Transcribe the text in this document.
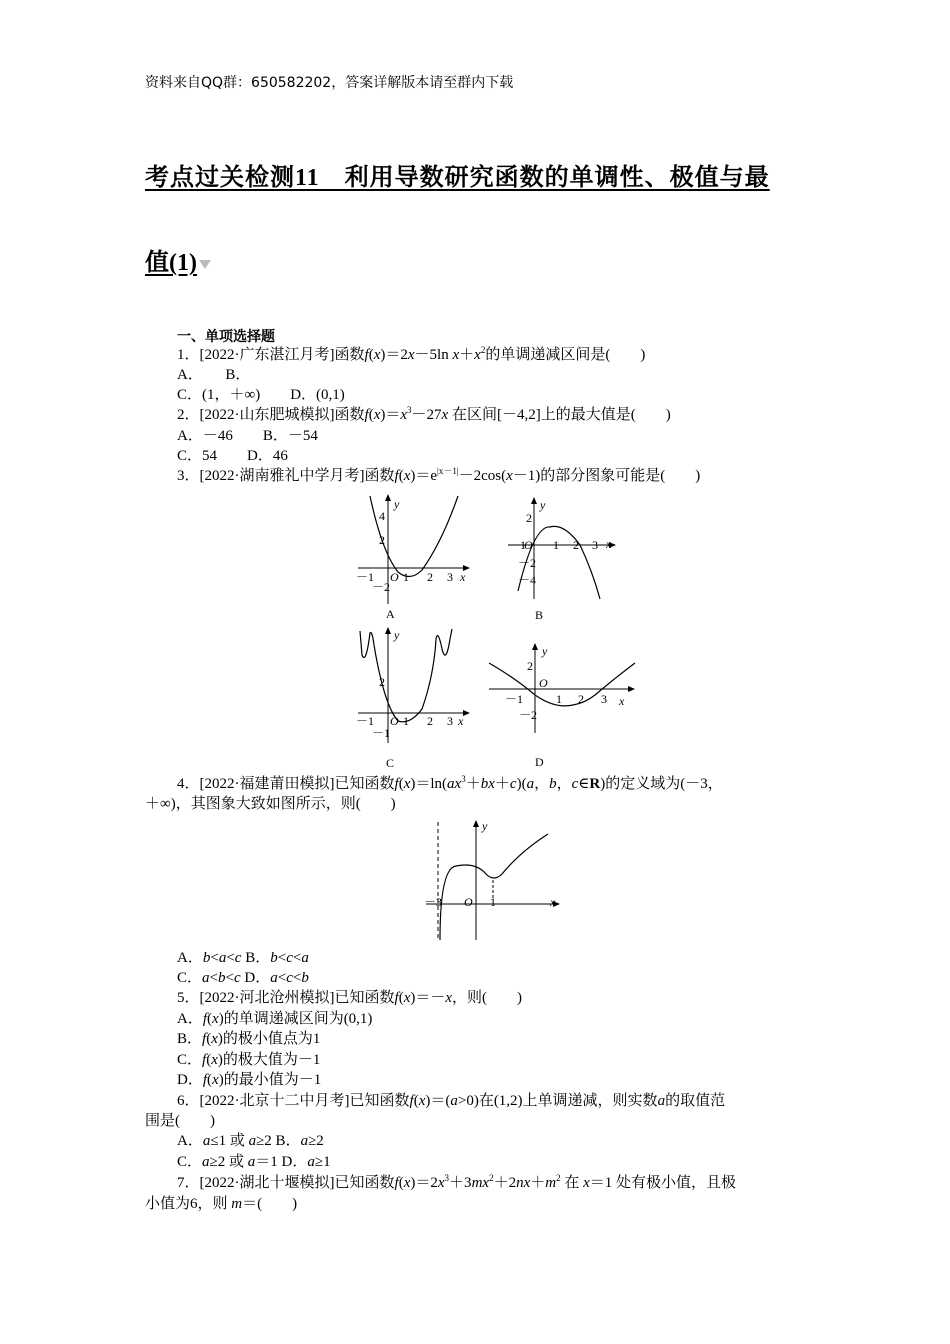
资料来自QQ群：650582202，答案详解版本请至群内下载
考点过关检测11　利用导数研究函数的单调性、极值与最
值(1)
一、单项选择题
1．[2022·广东湛江月考]函数f(x)＝2x－5ln $x+x^2$的单调递减区间是(　　)
A．　　B．
C．(1，＋∞)　　D．(0,1)
2．[2022·山东肥城模拟]函数$f(x)=x^3-27x$ 在区间[－4,2]上的最大值是(　　)
A．－46　　B．－54
C．54　　D．46
3．[2022·湖南雅礼中学月考]函数$f(x)=e^{|x-1|}-2\cos(x-1)$的部分图象可能是(　　)
y
x
4
2
－2
－1 O 1 2 3
A
y
x
2
－2
－4
－1
O 1 2 3
B
y
x
2
－1
－1 O 1 2 3
C
y
x
2
－2
－1
O
1 2 3
D
4．[2022·福建莆田模拟]已知函数$f(x)=\ln(ax^3+bx+c)(a$，b，c∈R)的定义域为(－3，
＋∞)，其图象大致如图所示，则(　　)
y
x
－3 O 1
A．b<a<c B．b<c<a
C．a<b<c D．a<c<b
5．[2022·河北沧州模拟]已知函数f(x)＝－x，则(　　)
A．f(x)的单调递减区间为(0,1)
B．f(x)的极小值点为1
C．f(x)的极大值为－1
D．f(x)的最小值为－1
6．[2022·北京十二中月考]已知函数f(x)＝(a>0)在(1,2)上单调递减，则实数a的取值范
围是(　　)
A．a≤1 或 a≥2 B．a≥2
C．a≥2 或 a＝1 D．a≥1
7．[2022·湖北十堰模拟]已知函数$f(x)=2x^3+3mx^2+2nx+m^2$ 在 x＝1 处有极小值，且极
小值为6，则 m＝(　　)
